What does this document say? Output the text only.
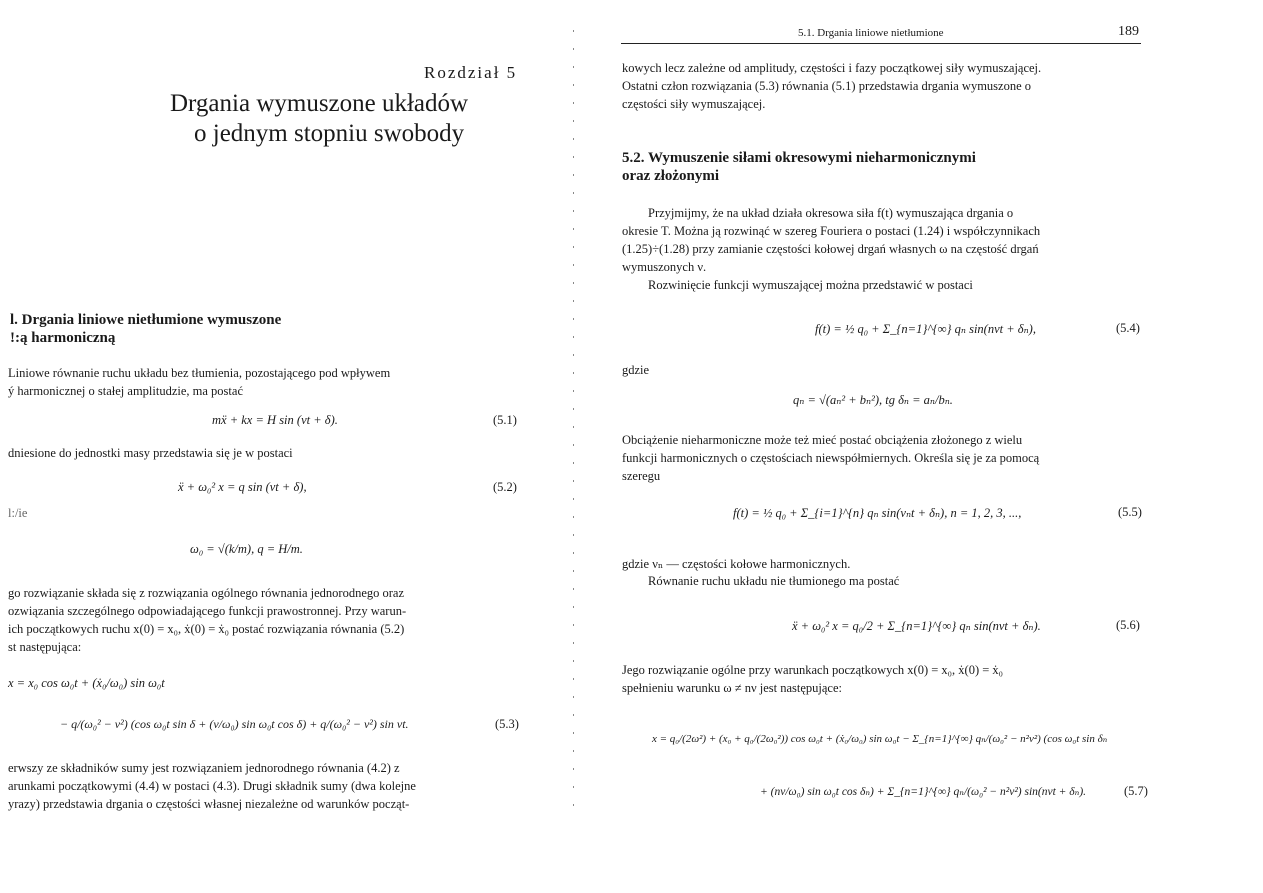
Rozdział 5
Drgania wymuszone układów
o jednym stopniu swobody
l. Drgania liniowe nietłumione wymuszone
!:ą harmoniczną
Liniowe równanie ruchu układu bez tłumienia, pozostającego pod wpływem
ý harmonicznej o stałej amplitudzie, ma postać
mẍ + kx = H sin (νt + δ).	(5.1)
dniesione do jednostki masy przedstawia się je w postaci
ẍ + ω₀² x = q sin (νt + δ),	(5.2)
l:/ie
ω₀ = √(k/m), q = H/m.
go rozwiązanie składa się z rozwiązania ogólnego równania jednorodnego oraz
ozwiązania szczególnego odpowiadającego funkcji prawostronnej. Przy warun-
ich początkowych ruchu x(0) = x₀, ẋ(0) = ẋ₀ postać rozwiązania równania (5.2)
st następująca:
x = x₀ cos ω₀t + (ẋ₀/ω₀) sin ω₀t
− q/(ω₀² − ν²) (cos ω₀t sin δ + (ν/ω₀) sin ω₀t cos δ) + q/(ω₀² − ν²) sin νt.	(5.3)
erwszy ze składników sumy jest rozwiązaniem jednorodnego równania (4.2) z
arunkami początkowymi (4.4) w postaci (4.3). Drugi składnik sumy (dwa kolejne
yrazy) przedstawia drgania o częstości własnej niezależne od warunków począt-
5.1. Drgania liniowe nietłumione	189
kowych lecz zależne od amplitudy, częstości i fazy początkowej siły wymuszającej.
Ostatni człon rozwiązania (5.3) równania (5.1) przedstawia drgania wymuszone o
częstości siły wymuszającej.
5.2. Wymuszenie siłami okresowymi nieharmonicznymi
oraz złożonymi
Przyjmijmy, że na układ działa okresowa siła f(t) wymuszająca drgania o
okresie T. Można ją rozwinąć w szereg Fouriera o postaci (1.24) i współczynnikach
(1.25)÷(1.28) przy zamianie częstości kołowej drgań własnych ω na częstość drgań
wymuszonych ν.
Rozwinięcie funkcji wymuszającej można przedstawić w postaci
f(t) = ½ q₀ + Σ_{n=1}^{∞} qₙ sin(nνt + δₙ),	(5.4)
gdzie
qₙ = √(aₙ² + bₙ²), tg δₙ = aₙ/bₙ.
Obciążenie nieharmoniczne może też mieć postać obciążenia złożonego z wielu
funkcji harmonicznych o częstościach niewspółmiernych. Określa się je za pomocą
szeregu
f(t) = ½ q₀ + Σ_{i=1}^{n} qₙ sin(νₙt + δₙ), n = 1, 2, 3, ...,	(5.5)
gdzie νₙ — częstości kołowe harmonicznych.
Równanie ruchu układu nie tłumionego ma postać
ẍ + ω₀² x = q₀/2 + Σ_{n=1}^{∞} qₙ sin(nνt + δₙ).	(5.6)
Jego rozwiązanie ogólne przy warunkach początkowych x(0) = x₀, ẋ(0) = ẋ₀
spełnieniu warunku ω ≠ nν jest następujące:
x = q₀/(2ω²) + (x₀ + q₀/(2ω₀²)) cos ω₀t + (ẋ₀/ω₀) sin ω₀t − Σ_{n=1}^{∞} qₙ/(ω₀² − n²ν²) (cos ω₀t sin δₙ
+ (nν/ω₀) sin ω₀t cos δₙ) + Σ_{n=1}^{∞} qₙ/(ω₀² − n²ν²) sin(nνt + δₙ).	(5.7)
